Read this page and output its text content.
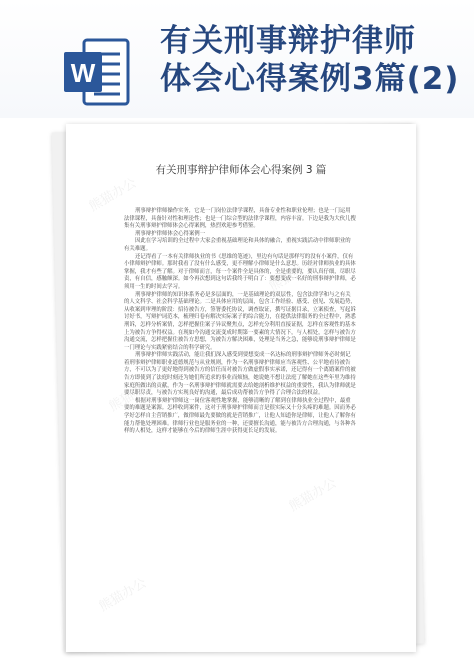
W
有关刑事辩护律师
体会心得案例3篇(2)
熊猫办公
熊猫办公
熊猫办公
熊猫办公
熊猫办公
有关刑事辩护律师体会心得案例 3 篇

刑事辩护律师操作实务，它是一门岗位法律学课程，具备专业性和职业伦理；也是一门运用法律课程，具备针对性和理论性；也是一门综合型的法律学课程，内容丰富。下边是我为大伙儿搜集有关刑事辩护律师体会心得案例，热烈欢迎参考借鉴。

刑事辩护律师体会心得案例一

因此在学习培训的全过程中大家会重视基础理论和具体的融合，重视实践活动中律师职业的有关难题。

还记得看了一本有关律师执业的书《思维的笔迹》，里边有句话是那样写的没有小案件，仅有小律师辩护律师。那时我看了没有什么感受，更不理解小律师是什么意思。历经对律师执业的具体掌握，我才有些了解。对于律师而言，每一个案件全是具体的，全是重要的，要认真仔细，尽职尽责，有自信，感触颇深。如今再次想到这句话我终于明白了：要想变成一名好的刑事辩护律师，必须用一生的时间去学习。

刑事辩护律师的知识体系务必是多层面的，一是基础理论的双层性，包含法律学和与之有关的人文科学、社会科学基础理论。二是具体应用的层面，包含工作经验、感受、创见、发展趋势，从收案到审理的阶段：招待被告方，签署委托协议，调查取证，撰写证据目录，立案侦查，写起诉讨好书，写辩护词范本，梳理归卷有解决实际案子的综合能力，在提供法律服务的全过程中，熟悉刑诉，怎样分析案情，怎样把握住案子异议聚焦点，怎样充分利用直接证据，怎样在客观性的基本上为被告方争得权益。在现如今沟通交流变成时期第一要素的大情况下，与人相处，怎样与被告方沟通交流，怎样把握住被告方思想，为被告方解决困难，处理是当务之急，能够说刑事辩护律师是一门理论与实践紧密结合的科学研究。

刑事辩护律师实践活动，能让我们深入感受到要想变成一名达标的刑事辩护律师务必时刻记着刑事辩护律师职业道德规范与从业规则，作为一名刑事辩护律师应当客观性、公平地看待被告方，不可以为了更好地得到被告方的信任而对被告方做虚假事实承诺，还记得有一个离婚案件的被告方即使到了法庭时刻还为她们所追求的事业而烦恼，她说她不想让法庭了解她在这些年里为维持家庭所做出的贡献，作为一名刑事辩护律师就需要去给她剖析维护权益的重要性，我认为律师就是要尽职尽责，与被告方实现良好的沟通，最后成功帮被告方争得了合理合法的权益。

根据对刑事辩护律师这一岗位客观性地掌握，能够清晰的了解到在律师执业全过程中，最重要的难题是案源。怎样收到案件，这对于刑事辩护律师而言是很实际又十分头疼的难题。因而务必学好怎样自主营销推广，做律师最先要做的就是营销推广，让他人知道你是律师，让他人了解你有能力帮他处理困难。律师行业也是服务业的一种，还要擅长沟通，能与被告方合理沟通，与各种各样的人相处，这样才能够在今后的律师生涯中获得更长足的发展。
